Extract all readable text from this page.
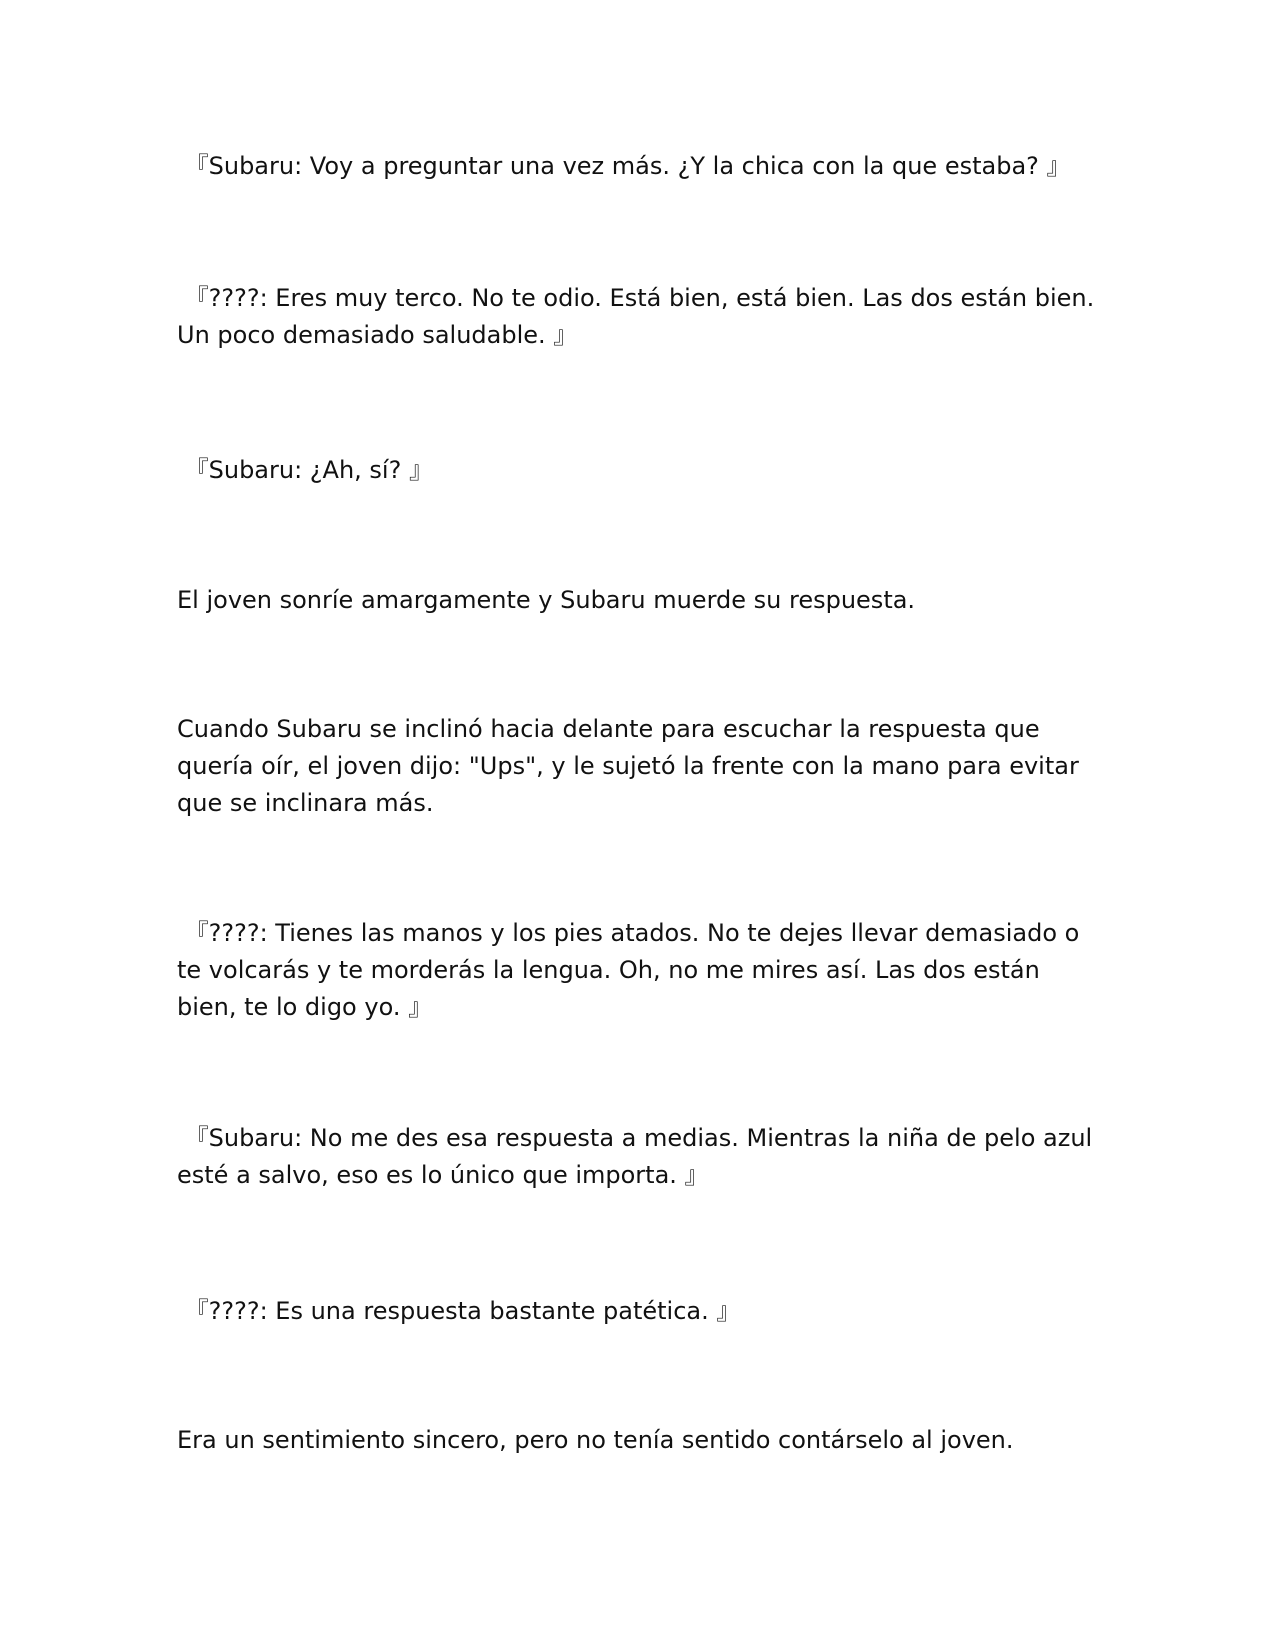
『Subaru: Voy a preguntar una vez más. ¿Y la chica con la que estaba? 』

『????: Eres muy terco. No te odio. Está bien, está bien. Las dos están bien. Un poco demasiado saludable. 』

『Subaru: ¿Ah, sí? 』

El joven sonríe amargamente y Subaru muerde su respuesta.

Cuando Subaru se inclinó hacia delante para escuchar la respuesta que quería oír, el joven dijo: "Ups", y le sujetó la frente con la mano para evitar que se inclinara más.

『????: Tienes las manos y los pies atados. No te dejes llevar demasiado o te volcarás y te morderás la lengua. Oh, no me mires así. Las dos están bien, te lo digo yo. 』

『Subaru: No me des esa respuesta a medias. Mientras la niña de pelo azul esté a salvo, eso es lo único que importa. 』

『????: Es una respuesta bastante patética. 』

Era un sentimiento sincero, pero no tenía sentido contárselo al joven.
